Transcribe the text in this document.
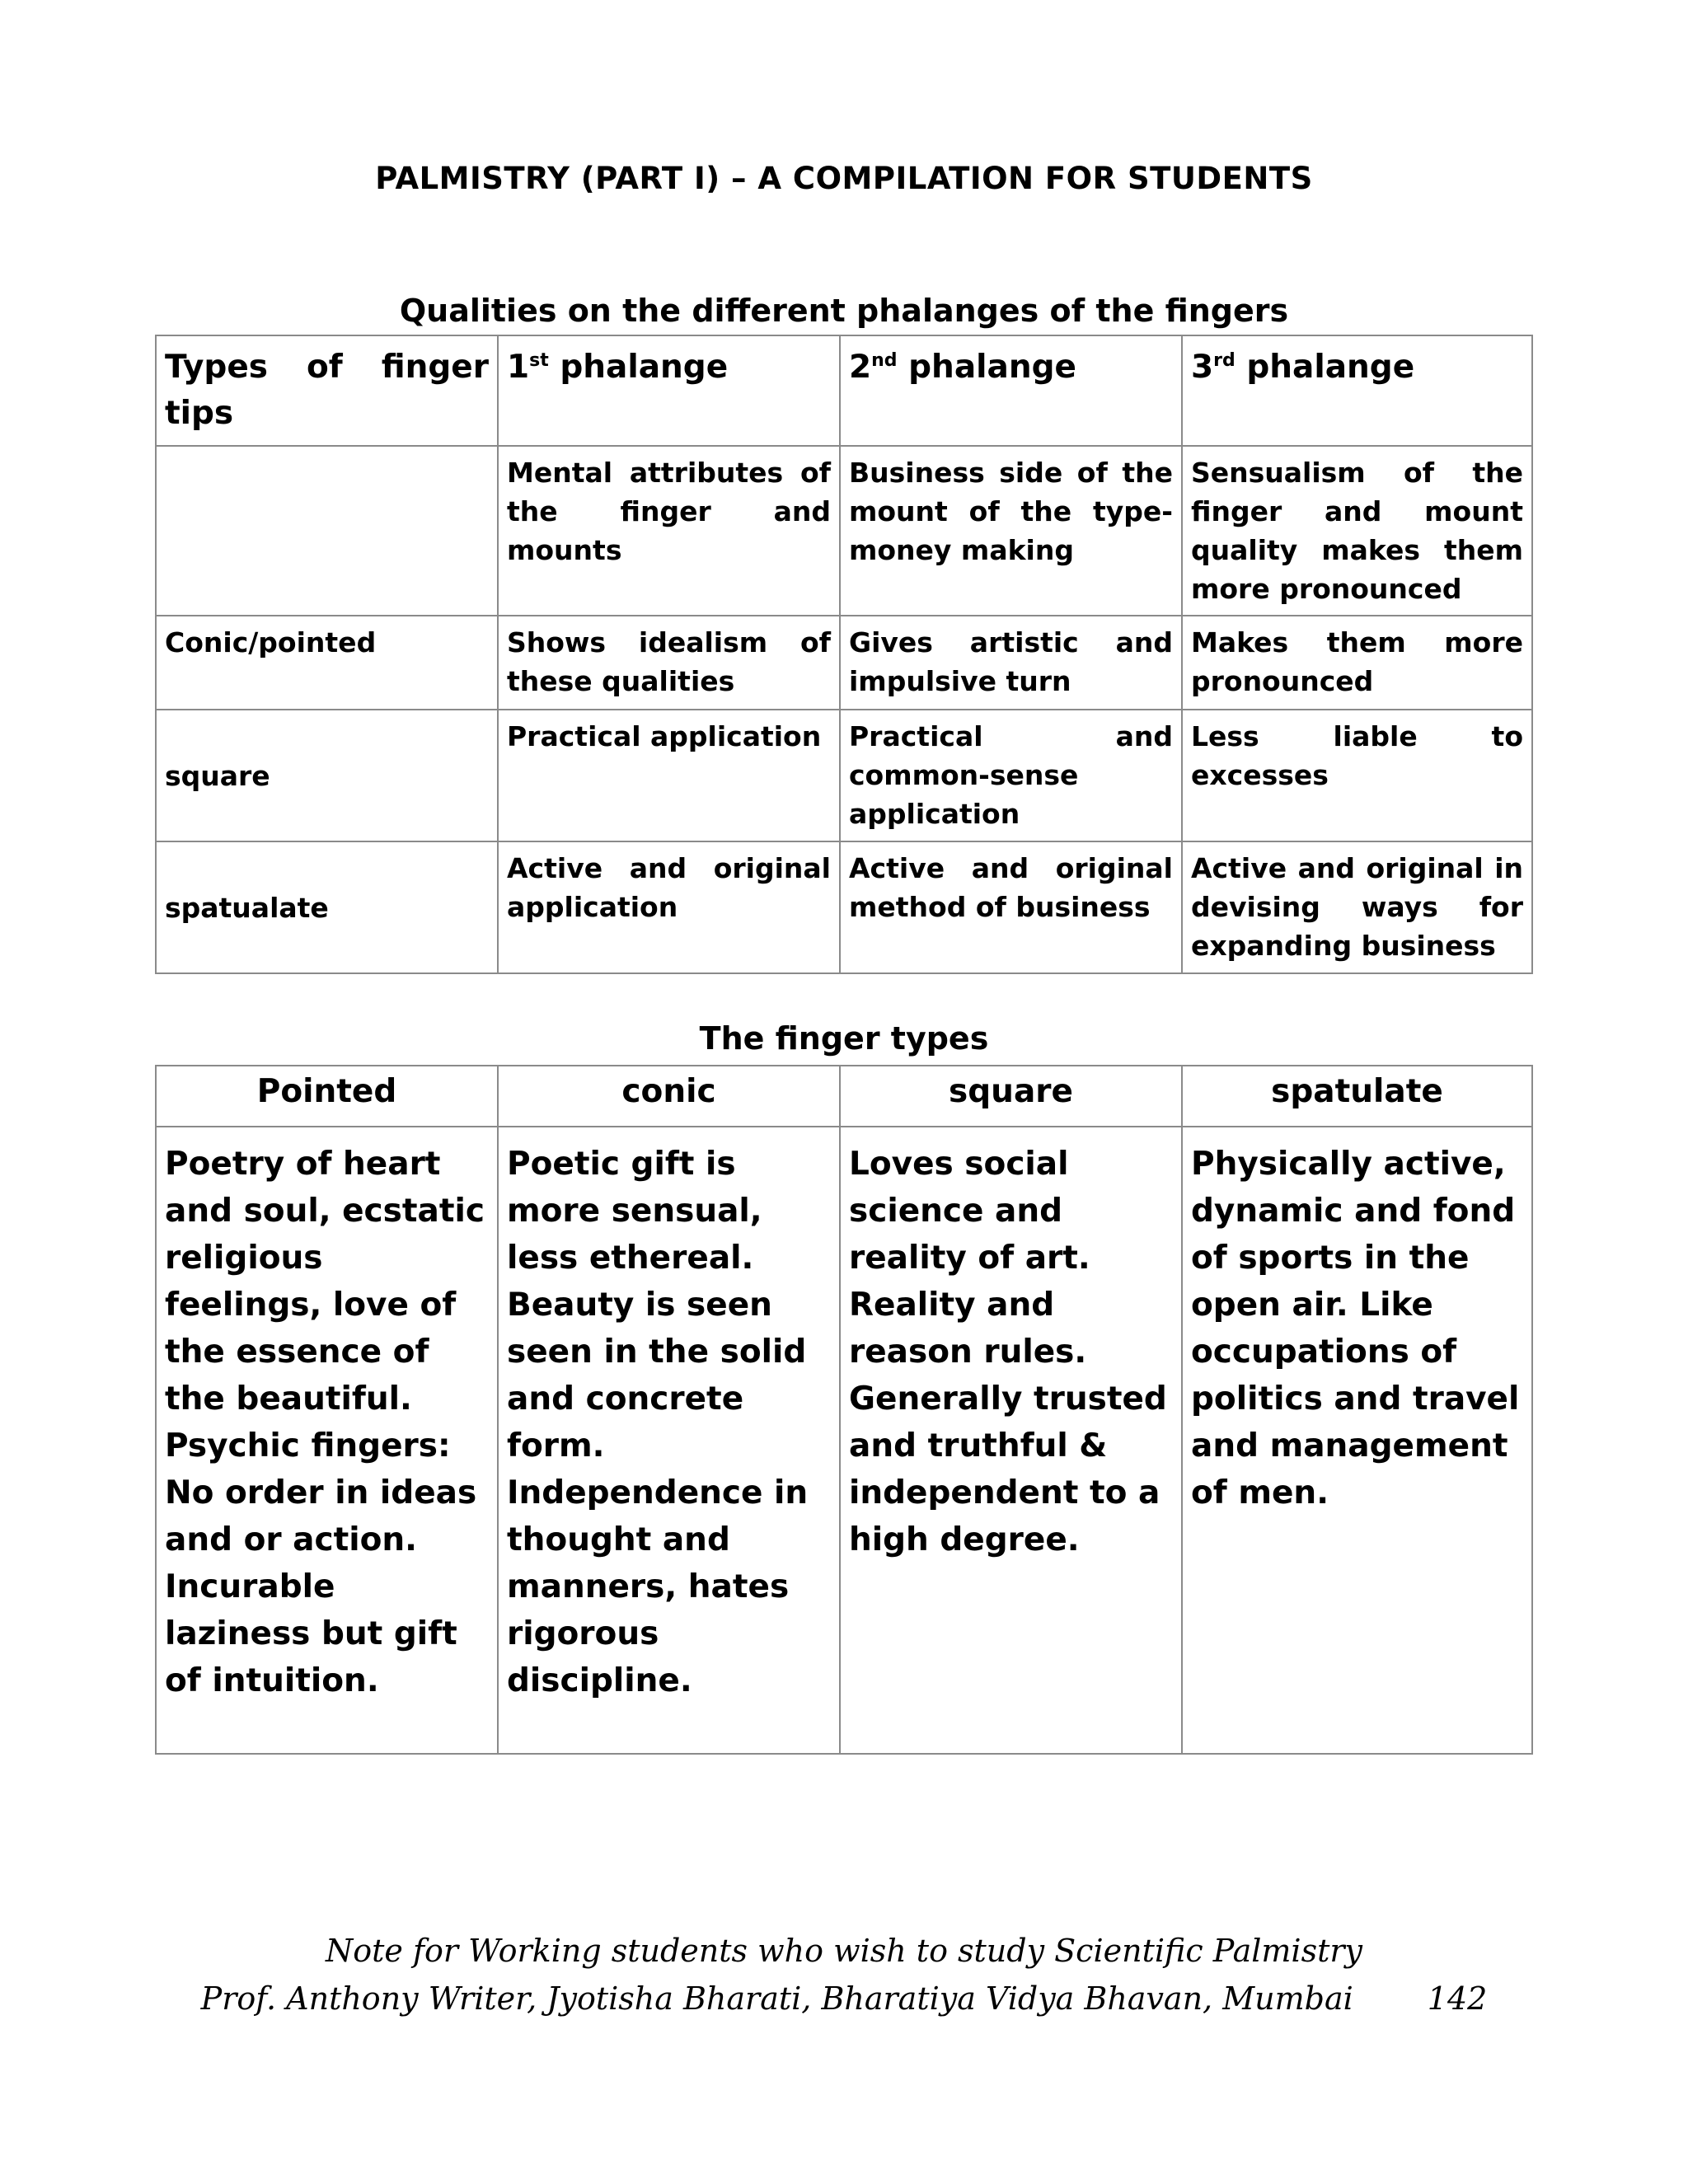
PALMISTRY (PART I) – A COMPILATION FOR STUDENTS
Qualities on the different phalanges of the fingers
Types of finger tips	1st phalange	2nd phalange	3rd phalange
	Mental attributes of the finger and mounts	Business side of the mount of the type- money making	Sensualism of the finger and mount quality makes them more pronounced
Conic/pointed	Shows idealism of these qualities	Gives artistic and impulsive turn	Makes them more pronounced
square	Practical application	Practical and common-sense application	Less liable to excesses
spatualate	Active and original application	Active and original method of business	Active and original in devising ways for expanding business
The finger types
Pointed	conic	square	spatulate
Poetry of heart and soul, ecstatic religious feelings, love of the essence of the beautiful. Psychic fingers: No order in ideas and or action. Incurable laziness but gift of intuition.	Poetic gift is more sensual, less ethereal. Beauty is seen seen in the solid and concrete form. Independence in thought and manners, hates rigorous discipline.	Loves social science and reality of art. Reality and reason rules. Generally trusted and truthful & independent to a high degree.	Physically active, dynamic and fond of sports in the open air. Like occupations of politics and travel and management of men.
Note for Working students who wish to study Scientific Palmistry
Prof. Anthony Writer, Jyotisha Bharati, Bharatiya Vidya Bhavan, Mumbai 142
